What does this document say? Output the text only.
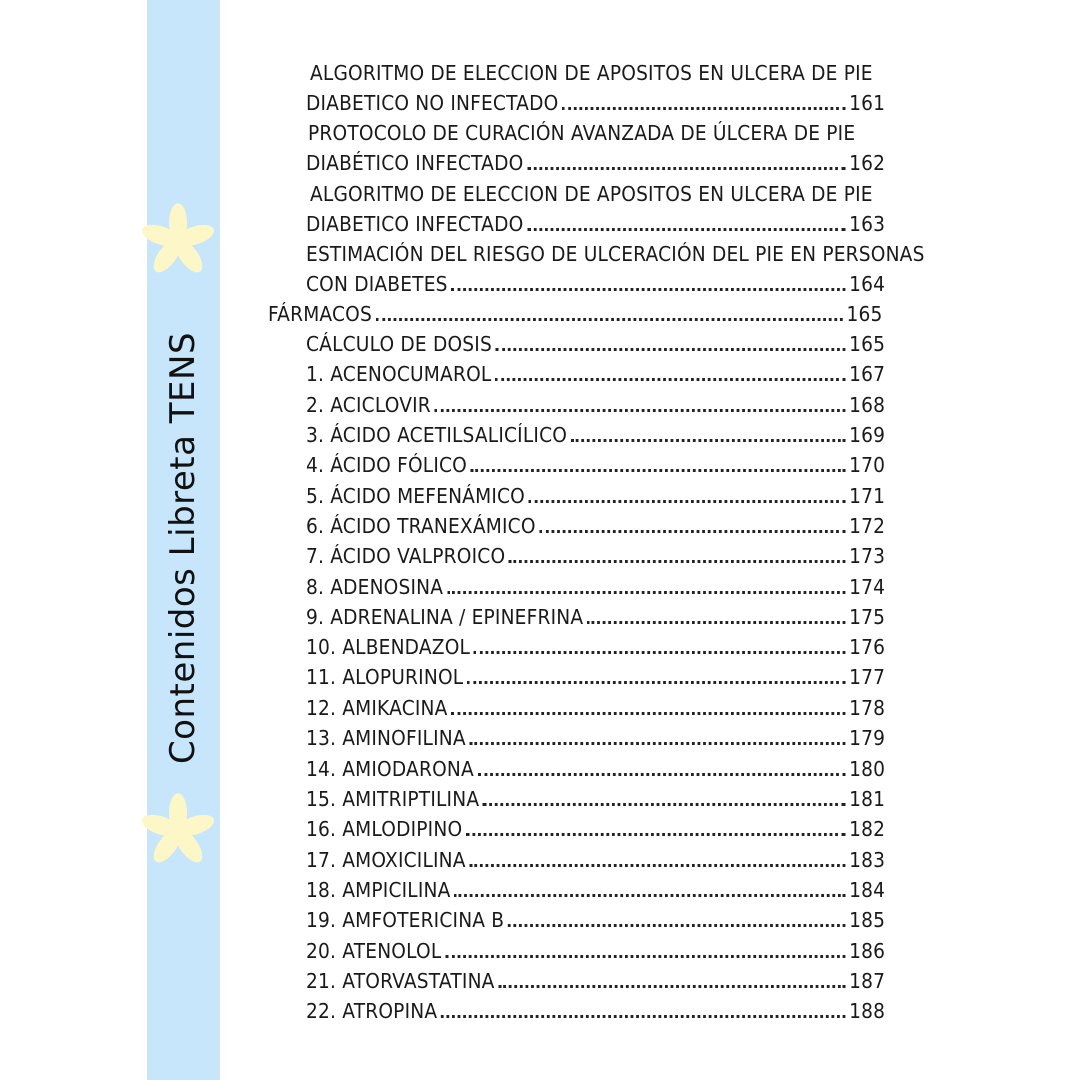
Contenidos Libreta TENS
ALGORITMO DE ELECCION DE APOSITOS EN ULCERA DE PIE
DIABETICO NO INFECTADO	161
PROTOCOLO DE CURACIÓN AVANZADA DE ÚLCERA DE PIE
DIABÉTICO INFECTADO	162
ALGORITMO DE ELECCION DE APOSITOS EN ULCERA DE PIE
DIABETICO INFECTADO	163
ESTIMACIÓN DEL RIESGO DE ULCERACIÓN DEL PIE EN PERSONAS
CON DIABETES	164
FÁRMACOS	165
CÁLCULO DE DOSIS	165
1. ACENOCUMAROL	167
2. ACICLOVIR	168
3. ÁCIDO ACETILSALICÍLICO	169
4. ÁCIDO FÓLICO	170
5. ÁCIDO MEFENÁMICO	171
6. ÁCIDO TRANEXÁMICO	172
7. ÁCIDO VALPROICO	173
8. ADENOSINA	174
9. ADRENALINA / EPINEFRINA	175
10. ALBENDAZOL	176
11. ALOPURINOL	177
12. AMIKACINA	178
13. AMINOFILINA	179
14. AMIODARONA	180
15. AMITRIPTILINA	181
16. AMLODIPINO	182
17. AMOXICILINA	183
18. AMPICILINA	184
19. AMFOTERICINA B	185
20. ATENOLOL	186
21. ATORVASTATINA	187
22. ATROPINA	188
